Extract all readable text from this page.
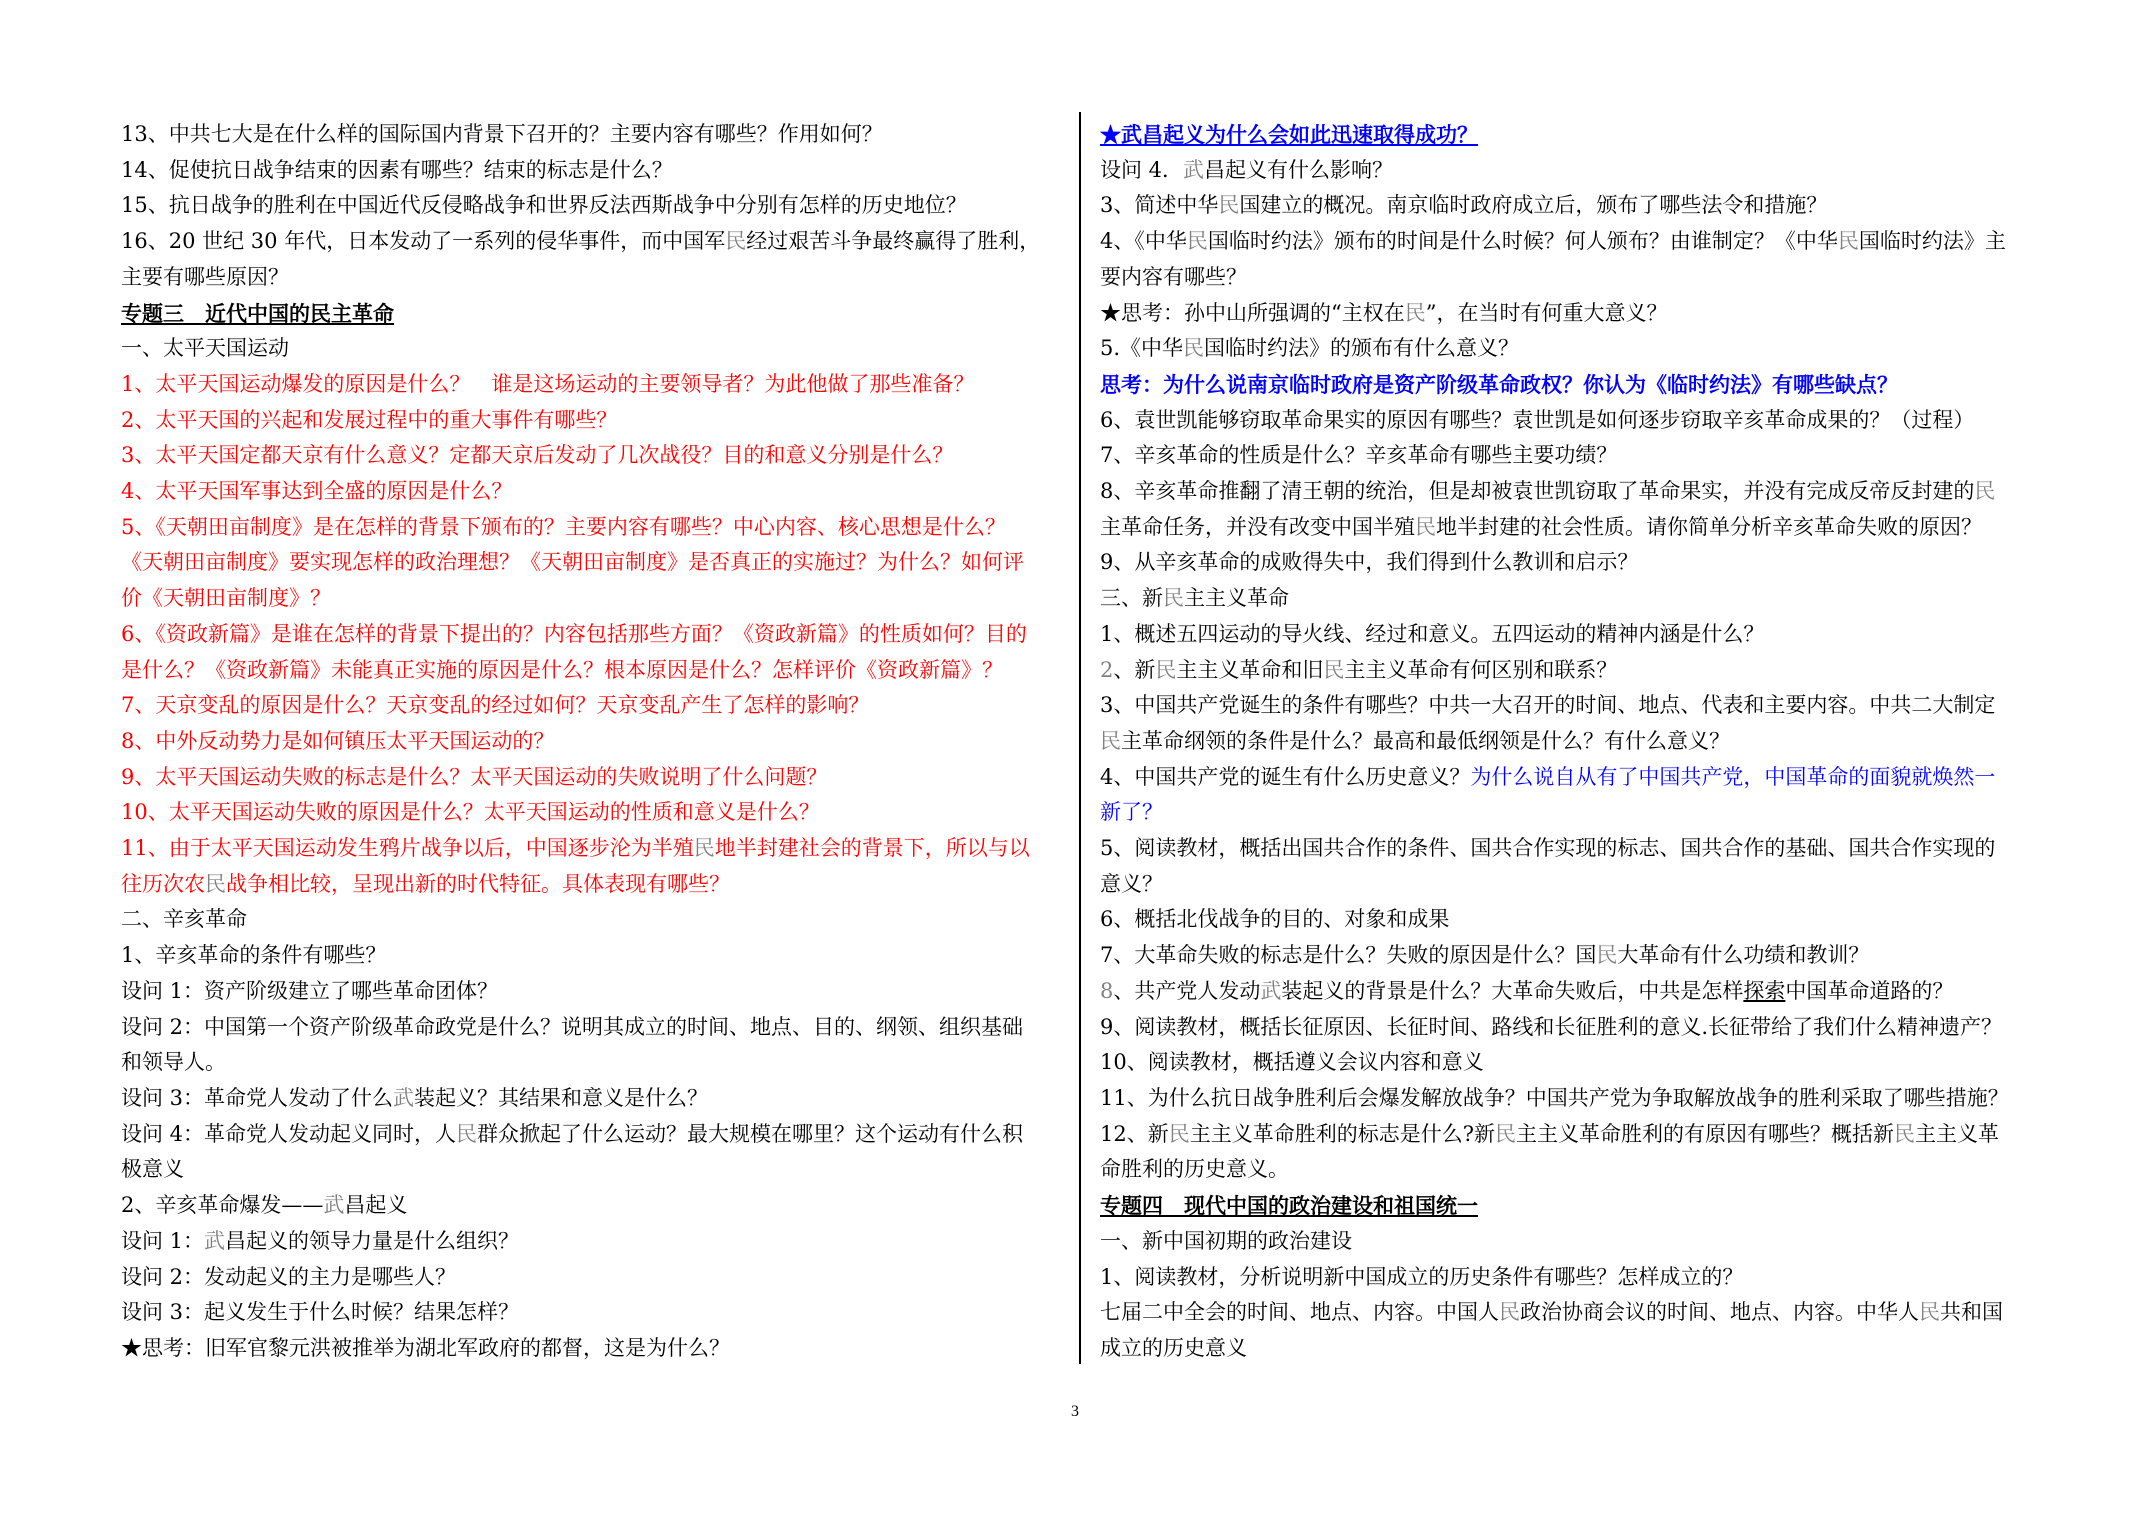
13、中共七大是在什么样的国际国内背景下召开的？主要内容有哪些？作用如何？
14、促使抗日战争结束的因素有哪些？结束的标志是什么？
15、抗日战争的胜利在中国近代反侵略战争和世界反法西斯战争中分别有怎样的历史地位？
16、20 世纪 30 年代，日本发动了一系列的侵华事件，而中国军民经过艰苦斗争最终赢得了胜利，
主要有哪些原因？
专题三　近代中国的民主革命
一、太平天国运动
1、太平天国运动爆发的原因是什么？　谁是这场运动的主要领导者？为此他做了那些准备？
2、太平天国的兴起和发展过程中的重大事件有哪些？
3、太平天国定都天京有什么意义？定都天京后发动了几次战役？目的和意义分别是什么？
4、太平天国军事达到全盛的原因是什么？
5、《天朝田亩制度》是在怎样的背景下颁布的？主要内容有哪些？中心内容、核心思想是什么？
《天朝田亩制度》要实现怎样的政治理想？《天朝田亩制度》是否真正的实施过？为什么？如何评
价《天朝田亩制度》？
6、《资政新篇》是谁在怎样的背景下提出的？内容包括那些方面？《资政新篇》的性质如何？目的
是什么？《资政新篇》未能真正实施的原因是什么？根本原因是什么？怎样评价《资政新篇》？
7、天京变乱的原因是什么？天京变乱的经过如何？天京变乱产生了怎样的影响？
8、中外反动势力是如何镇压太平天国运动的？
9、太平天国运动失败的标志是什么？太平天国运动的失败说明了什么问题？
10、太平天国运动失败的原因是什么？太平天国运动的性质和意义是什么？
11、由于太平天国运动发生鸦片战争以后，中国逐步沦为半殖民地半封建社会的背景下，所以与以
往历次农民战争相比较，呈现出新的时代特征。具体表现有哪些？
二、辛亥革命
1、辛亥革命的条件有哪些？
设问 1：资产阶级建立了哪些革命团体？
设问 2：中国第一个资产阶级革命政党是什么？说明其成立的时间、地点、目的、纲领、组织基础
和领导人。
设问 3：革命党人发动了什么武装起义？其结果和意义是什么？
设问 4：革命党人发动起义同时，人民群众掀起了什么运动？最大规模在哪里？这个运动有什么积
极意义
2、辛亥革命爆发——武昌起义
设问 1：武昌起义的领导力量是什么组织？
设问 2：发动起义的主力是哪些人？
设问 3：起义发生于什么时候？结果怎样？
★思考：旧军官黎元洪被推举为湖北军政府的都督，这是为什么？
★武昌起义为什么会如此迅速取得成功？
设问 4．武昌起义有什么影响？
3、简述中华民国建立的概况。南京临时政府成立后，颁布了哪些法令和措施？
4、《中华民国临时约法》颁布的时间是什么时候？何人颁布？由谁制定？《中华民国临时约法》主
要内容有哪些？
★思考：孙中山所强调的“主权在民”，在当时有何重大意义？
5.《中华民国临时约法》的颁布有什么意义？
思考：为什么说南京临时政府是资产阶级革命政权？你认为《临时约法》有哪些缺点？
6、袁世凯能够窃取革命果实的原因有哪些？袁世凯是如何逐步窃取辛亥革命成果的？（过程）
7、辛亥革命的性质是什么？辛亥革命有哪些主要功绩？
8、辛亥革命推翻了清王朝的统治，但是却被袁世凯窃取了革命果实，并没有完成反帝反封建的民
主革命任务，并没有改变中国半殖民地半封建的社会性质。请你简单分析辛亥革命失败的原因？
9、从辛亥革命的成败得失中，我们得到什么教训和启示？
三、新民主主义革命
1、概述五四运动的导火线、经过和意义。五四运动的精神内涵是什么？
2、新民主主义革命和旧民主主义革命有何区别和联系？
3、中国共产党诞生的条件有哪些？中共一大召开的时间、地点、代表和主要内容。中共二大制定
民主革命纲领的条件是什么？最高和最低纲领是什么？有什么意义？
4、中国共产党的诞生有什么历史意义？为什么说自从有了中国共产党，中国革命的面貌就焕然一
新了？
5、阅读教材，概括出国共合作的条件、国共合作实现的标志、国共合作的基础、国共合作实现的
意义？
6、概括北伐战争的目的、对象和成果
7、大革命失败的标志是什么？失败的原因是什么？国民大革命有什么功绩和教训？
8、共产党人发动武装起义的背景是什么？大革命失败后，中共是怎样探索中国革命道路的？
9、阅读教材，概括长征原因、长征时间、路线和长征胜利的意义.长征带给了我们什么精神遗产？
10、阅读教材，概括遵义会议内容和意义
11、为什么抗日战争胜利后会爆发解放战争？中国共产党为争取解放战争的胜利采取了哪些措施？
12、新民主主义革命胜利的标志是什么?新民主主义革命胜利的有原因有哪些？概括新民主主义革
命胜利的历史意义。
专题四　现代中国的政治建设和祖国统一
一、新中国初期的政治建设
1、阅读教材，分析说明新中国成立的历史条件有哪些？怎样成立的？
七届二中全会的时间、地点、内容。中国人民政治协商会议的时间、地点、内容。中华人民共和国
成立的历史意义
3
